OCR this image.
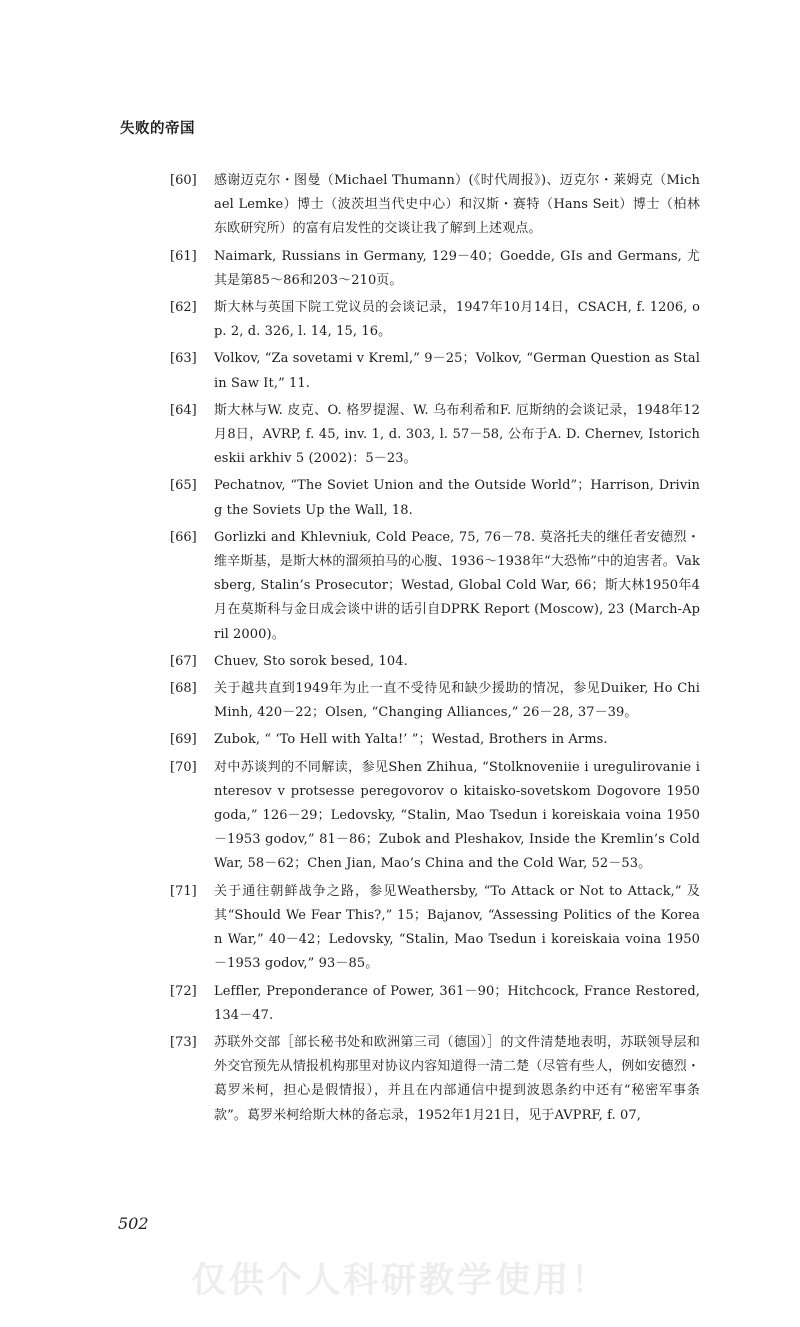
失败的帝国
[60] 感谢迈克尔・图曼（Michael Thumann）(《时代周报》)、迈克尔・莱姆克（Michael Lemke）博士（波茨坦当代史中心）和汉斯・赛特（Hans Seit）博士（柏林东欧研究所）的富有启发性的交谈让我了解到上述观点。
[61] Naimark, Russians in Germany, 129－40；Goedde, GIs and Germans, 尤其是第85～86和203～210页。
[62] 斯大林与英国下院工党议员的会谈记录，1947年10月14日，CSACH, f. 1206, op. 2, d. 326, l. 14, 15, 16。
[63] Volkov, “Za sovetami v Kreml,” 9－25；Volkov, “German Question as Stalin Saw It,” 11.
[64] 斯大林与W. 皮克、O. 格罗提渥、W. 乌布利希和F. 厄斯纳的会谈记录，1948年12月8日，AVRP, f. 45, inv. 1, d. 303, l. 57－58, 公布于A. D. Chernev, Istoricheskii arkhiv 5 (2002)：5－23。
[65] Pechatnov, “The Soviet Union and the Outside World”；Harrison, Driving the Soviets Up the Wall, 18.
[66] Gorlizki and Khlevniuk, Cold Peace, 75, 76－78. 莫洛托夫的继任者安德烈・维辛斯基，是斯大林的溜须拍马的心腹、1936～1938年“大恐怖”中的迫害者。Vaksberg, Stalin’s Prosecutor；Westad, Global Cold War, 66；斯大林1950年4月在莫斯科与金日成会谈中讲的话引自DPRK Report (Moscow), 23 (March-April 2000)。
[67] Chuev, Sto sorok besed, 104.
[68] 关于越共直到1949年为止一直不受待见和缺少援助的情况，参见Duiker, Ho Chi Minh, 420－22；Olsen, “Changing Alliances,” 26－28, 37－39。
[69] Zubok, “ ‘To Hell with Yalta!’ ”；Westad, Brothers in Arms.
[70] 对中苏谈判的不同解读，参见Shen Zhihua, “Stolknoveniie i uregulirovanie interesov v protsesse peregovorov o kitaisko-sovetskom Dogovore 1950 goda,” 126－29；Ledovsky, “Stalin, Mao Tsedun i koreiskaia voina 1950－1953 godov,” 81－86；Zubok and Pleshakov, Inside the Kremlin’s Cold War, 58－62；Chen Jian, Mao’s China and the Cold War, 52－53。
[71] 关于通往朝鲜战争之路，参见Weathersby, “To Attack or Not to Attack,” 及其“Should We Fear This?,” 15；Bajanov, “Assessing Politics of the Korean War,” 40－42；Ledovsky, “Stalin, Mao Tsedun i koreiskaia voina 1950－1953 godov,” 93－85。
[72] Leffler, Preponderance of Power, 361－90；Hitchcock, France Restored, 134－47.
[73] 苏联外交部［部长秘书处和欧洲第三司（德国）］的文件清楚地表明，苏联领导层和外交官预先从情报机构那里对协议内容知道得一清二楚（尽管有些人，例如安德烈・葛罗米柯，担心是假情报），并且在内部通信中提到波恩条约中还有“秘密军事条款”。葛罗米柯给斯大林的备忘录，1952年1月21日，见于AVPRF, f. 07,
502
仅供个人科研教学使用！
